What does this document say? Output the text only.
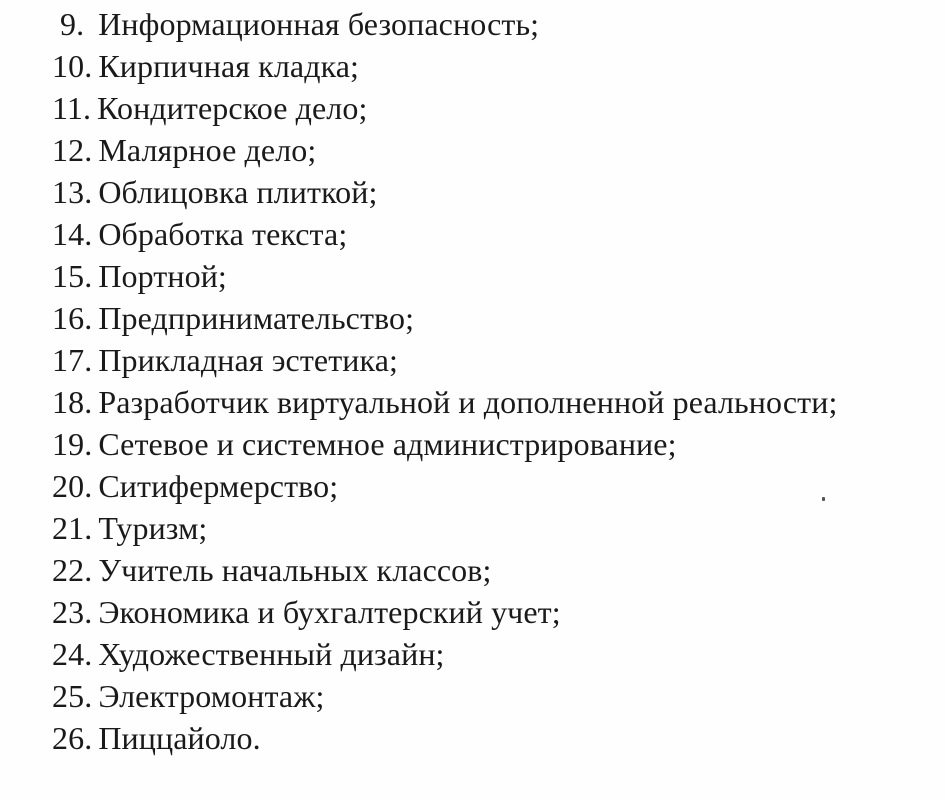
9. Информационная безопасность;
10. Кирпичная кладка;
11. Кондитерское дело;
12. Малярное дело;
13. Облицовка плиткой;
14. Обработка текста;
15. Портной;
16. Предпринимательство;
17. Прикладная эстетика;
18. Разработчик виртуальной и дополненной реальности;
19. Сетевое и системное администрирование;
20. Ситифермерство;
21. Туризм;
22. Учитель начальных классов;
23. Экономика и бухгалтерский учет;
24. Художественный дизайн;
25. Электромонтаж;
26. Пиццайоло.
